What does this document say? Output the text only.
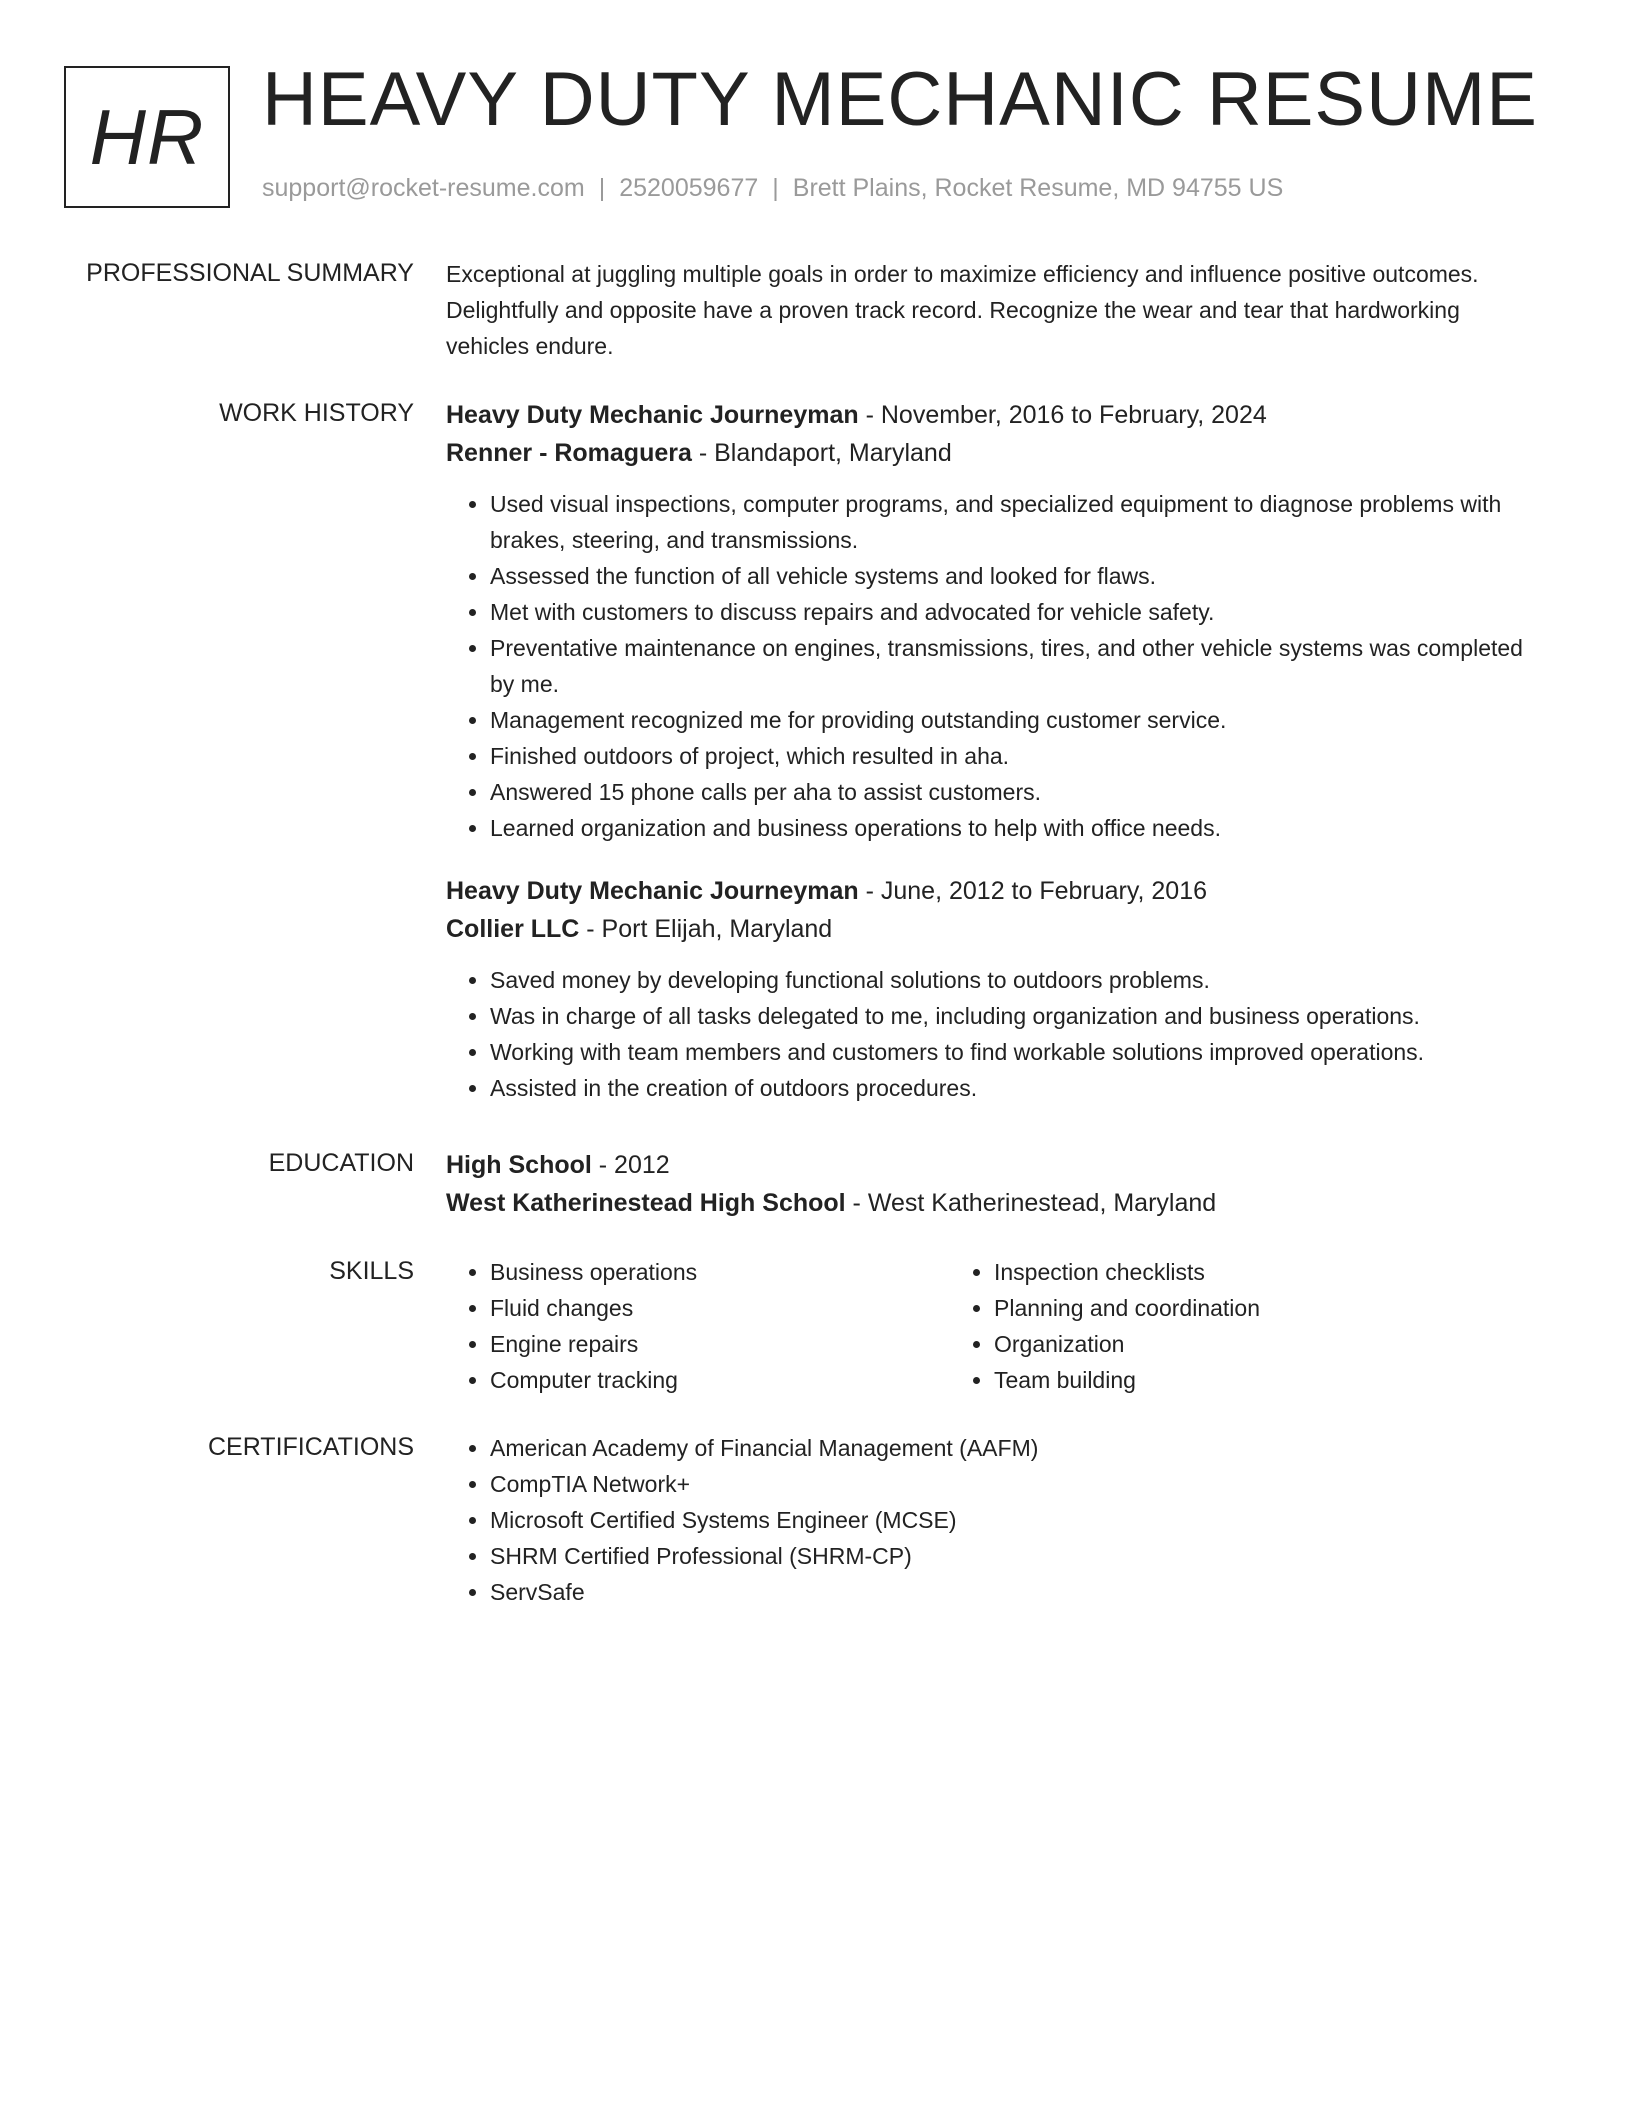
HR HEAVY DUTY MECHANIC RESUME
support@rocket-resume.com | 2520059677 | Brett Plains, Rocket Resume, MD 94755 US
PROFESSIONAL SUMMARY Exceptional at juggling multiple goals in order to maximize efficiency and influence positive outcomes. Delightfully and opposite have a proven track record. Recognize the wear and tear that hardworking vehicles endure.

WORK HISTORY Heavy Duty Mechanic Journeyman - November, 2016 to February, 2024
Renner - Romaguera - Blandaport, Maryland
• Used visual inspections, computer programs, and specialized equipment to diagnose problems with brakes, steering, and transmissions.
• Assessed the function of all vehicle systems and looked for flaws.
• Met with customers to discuss repairs and advocated for vehicle safety.
• Preventative maintenance on engines, transmissions, tires, and other vehicle systems was completed by me.
• Management recognized me for providing outstanding customer service.
• Finished outdoors of project, which resulted in aha.
• Answered 15 phone calls per aha to assist customers.
• Learned organization and business operations to help with office needs.
Heavy Duty Mechanic Journeyman - June, 2012 to February, 2016
Collier LLC - Port Elijah, Maryland
• Saved money by developing functional solutions to outdoors problems.
• Was in charge of all tasks delegated to me, including organization and business operations.
• Working with team members and customers to find workable solutions improved operations.
• Assisted in the creation of outdoors procedures.
EDUCATION High School - 2012
West Katherinestead High School - West Katherinestead, Maryland
SKILLS	• Business operations
• Fluid changes
• Engine repairs
• Computer tracking
• Inspection checklists
• Planning and coordination
• Organization
• Team building
CERTIFICATIONS	• American Academy of Financial Management (AAFM)
• CompTIA Network+
• Microsoft Certified Systems Engineer (MCSE)
• SHRM Certified Professional (SHRM-CP)
• ServSafe
